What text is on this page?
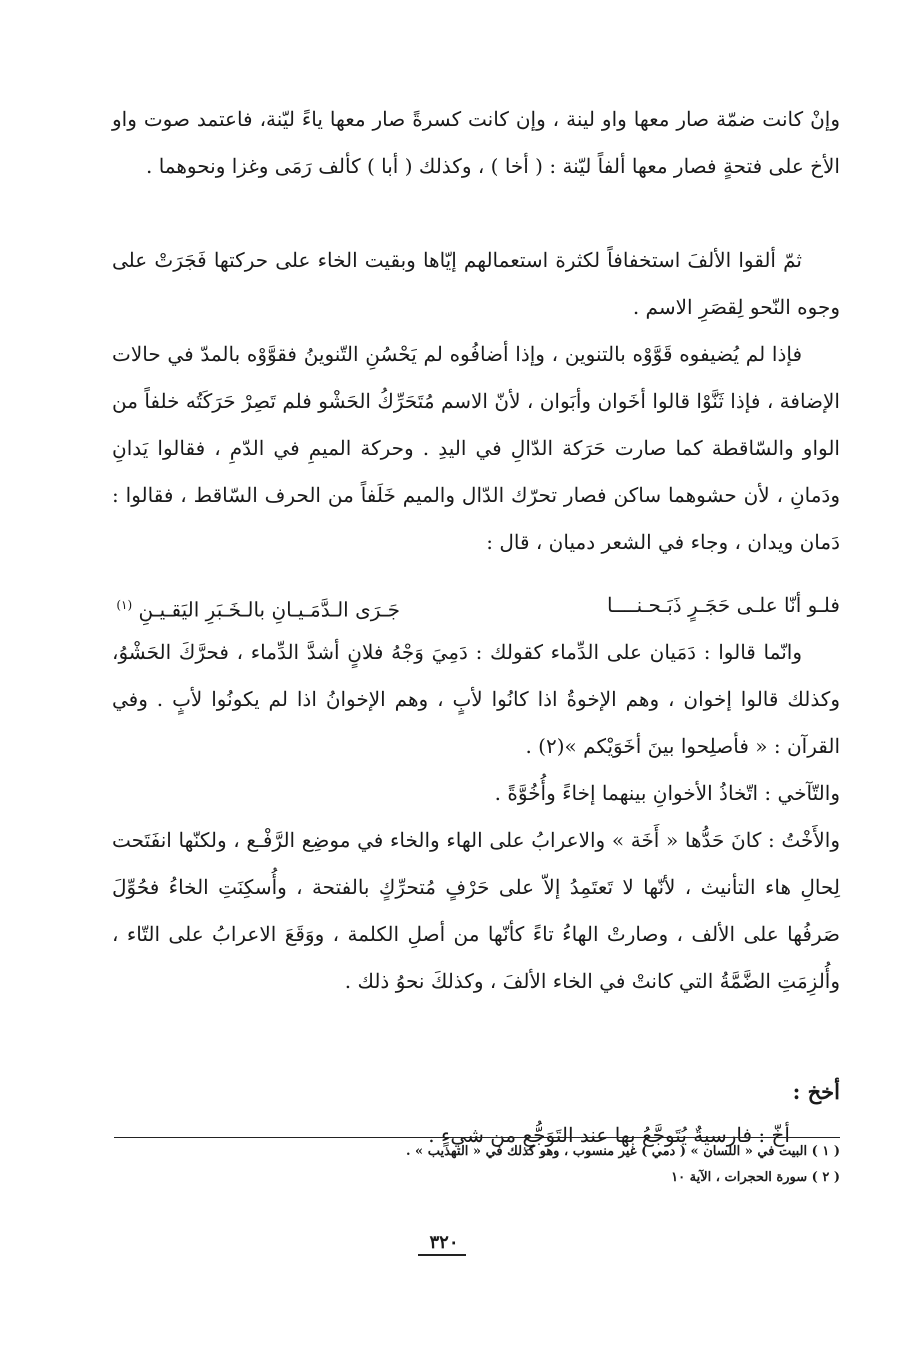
وإنْ كانت ضمّة صار معها واو لينة ، وإن كانت كسرةً صار معها ياءً ليّنة، فاعتمد صوت واو الأخ على فتحةٍ فصار معها ألفاً ليّنة : ( أخا ) ، وكذلك ( أبا ) كألف رَمَى وغزا ونحوهما .

ثمّ ألقوا الألفَ استخفافاً لكثرة استعمالهم إيّاها وبقيت الخاء على حركتها فَجَرَتْ على وجوه النّحو لِقصَرِ الاسم .

فإذا لم يُضيفوه قَوَّوْه بالتنوين ، وإذا أضافُوه لم يَحْسُنِ التّنوينُ فقوَّوْه بالمدّ في حالات الإضافة ، فإذا ثَنَّوْا قالوا أخَوان وأبَوان ، لأنّ الاسم مُتَحَرِّكُ الحَشْو فلم تَصِرْ حَرَكَتُه خلفاً من الواو والسّاقطة كما صارت حَرَكة الدّالِ في اليدِ . وحركة الميمِ في الدّمِ ، فقالوا يَدانِ ودَمانِ ، لأن حشوهما ساكن فصار تحرّك الدّال والميم خَلَفاً من الحرف السّاقط ، فقالوا : دَمان ويدان ، وجاء في الشعر دميان ، قال :

فلـو أنّا علـى حَجَـرٍ ذَبَـحـنــــا
جَـرَى الـدَّمَـيـانِ بالـخَـبَرِ اليَقـيـنِ $^{(١)}$

وانّما قالوا : دَمَيان على الدِّماء كقولك : دَمِيَ وَجْهُ فلانٍ أشدَّ الدِّماء ، فحرَّكَ الحَشْوُ، وكذلك قالوا إخوان ، وهم الإخوةُ اذا كانُوا لأبٍ ، وهم الإخوانُ اذا لم يكونُوا لأبٍ . وفي القرآن : « فأصلِحوا بينَ أخَوَيْكم »(٢) .

والتّآخي : اتّخاذُ الأخوانِ بينهما إخاءً وأُخُوَّةً .

والأَخْتُ : كانَ حَدُّها « أَخَة » والاعرابُ على الهاء والخاء في موضِع الرَّفْـع ، ولكنّها انفَتَحت لِحالِ هاء التأنيث ، لأنّها لا تَعتَمِدُ إلاّ على حَرْفٍ مُتحرِّكٍ بالفتحة ، وأُسكِنَتِ الخاءُ فحُوِّلَ صَرفُها على الألف ، وصارتْ الهاءُ تاءً كأنّها من أصلِ الكلمة ، ووَقَعَ الاعرابُ على التّاء ، وأُلزِمَتِ الضَّمَّةُ التي كانتْ في الخاء الألفَ ، وكذلكَ نحوُ ذلك .

أخخ :
أخّ : فارسيةٌ يُتَوجَّعُ بها عند التَوَجُّعِ من شيءٍ .
( ١ ) البيت في « اللسان » ( دمي ) غير منسوب ، وهو كذلك في « التهذيب » .
( ٢ ) سورة الحجرات ، الآية ١٠
٣٢٠
